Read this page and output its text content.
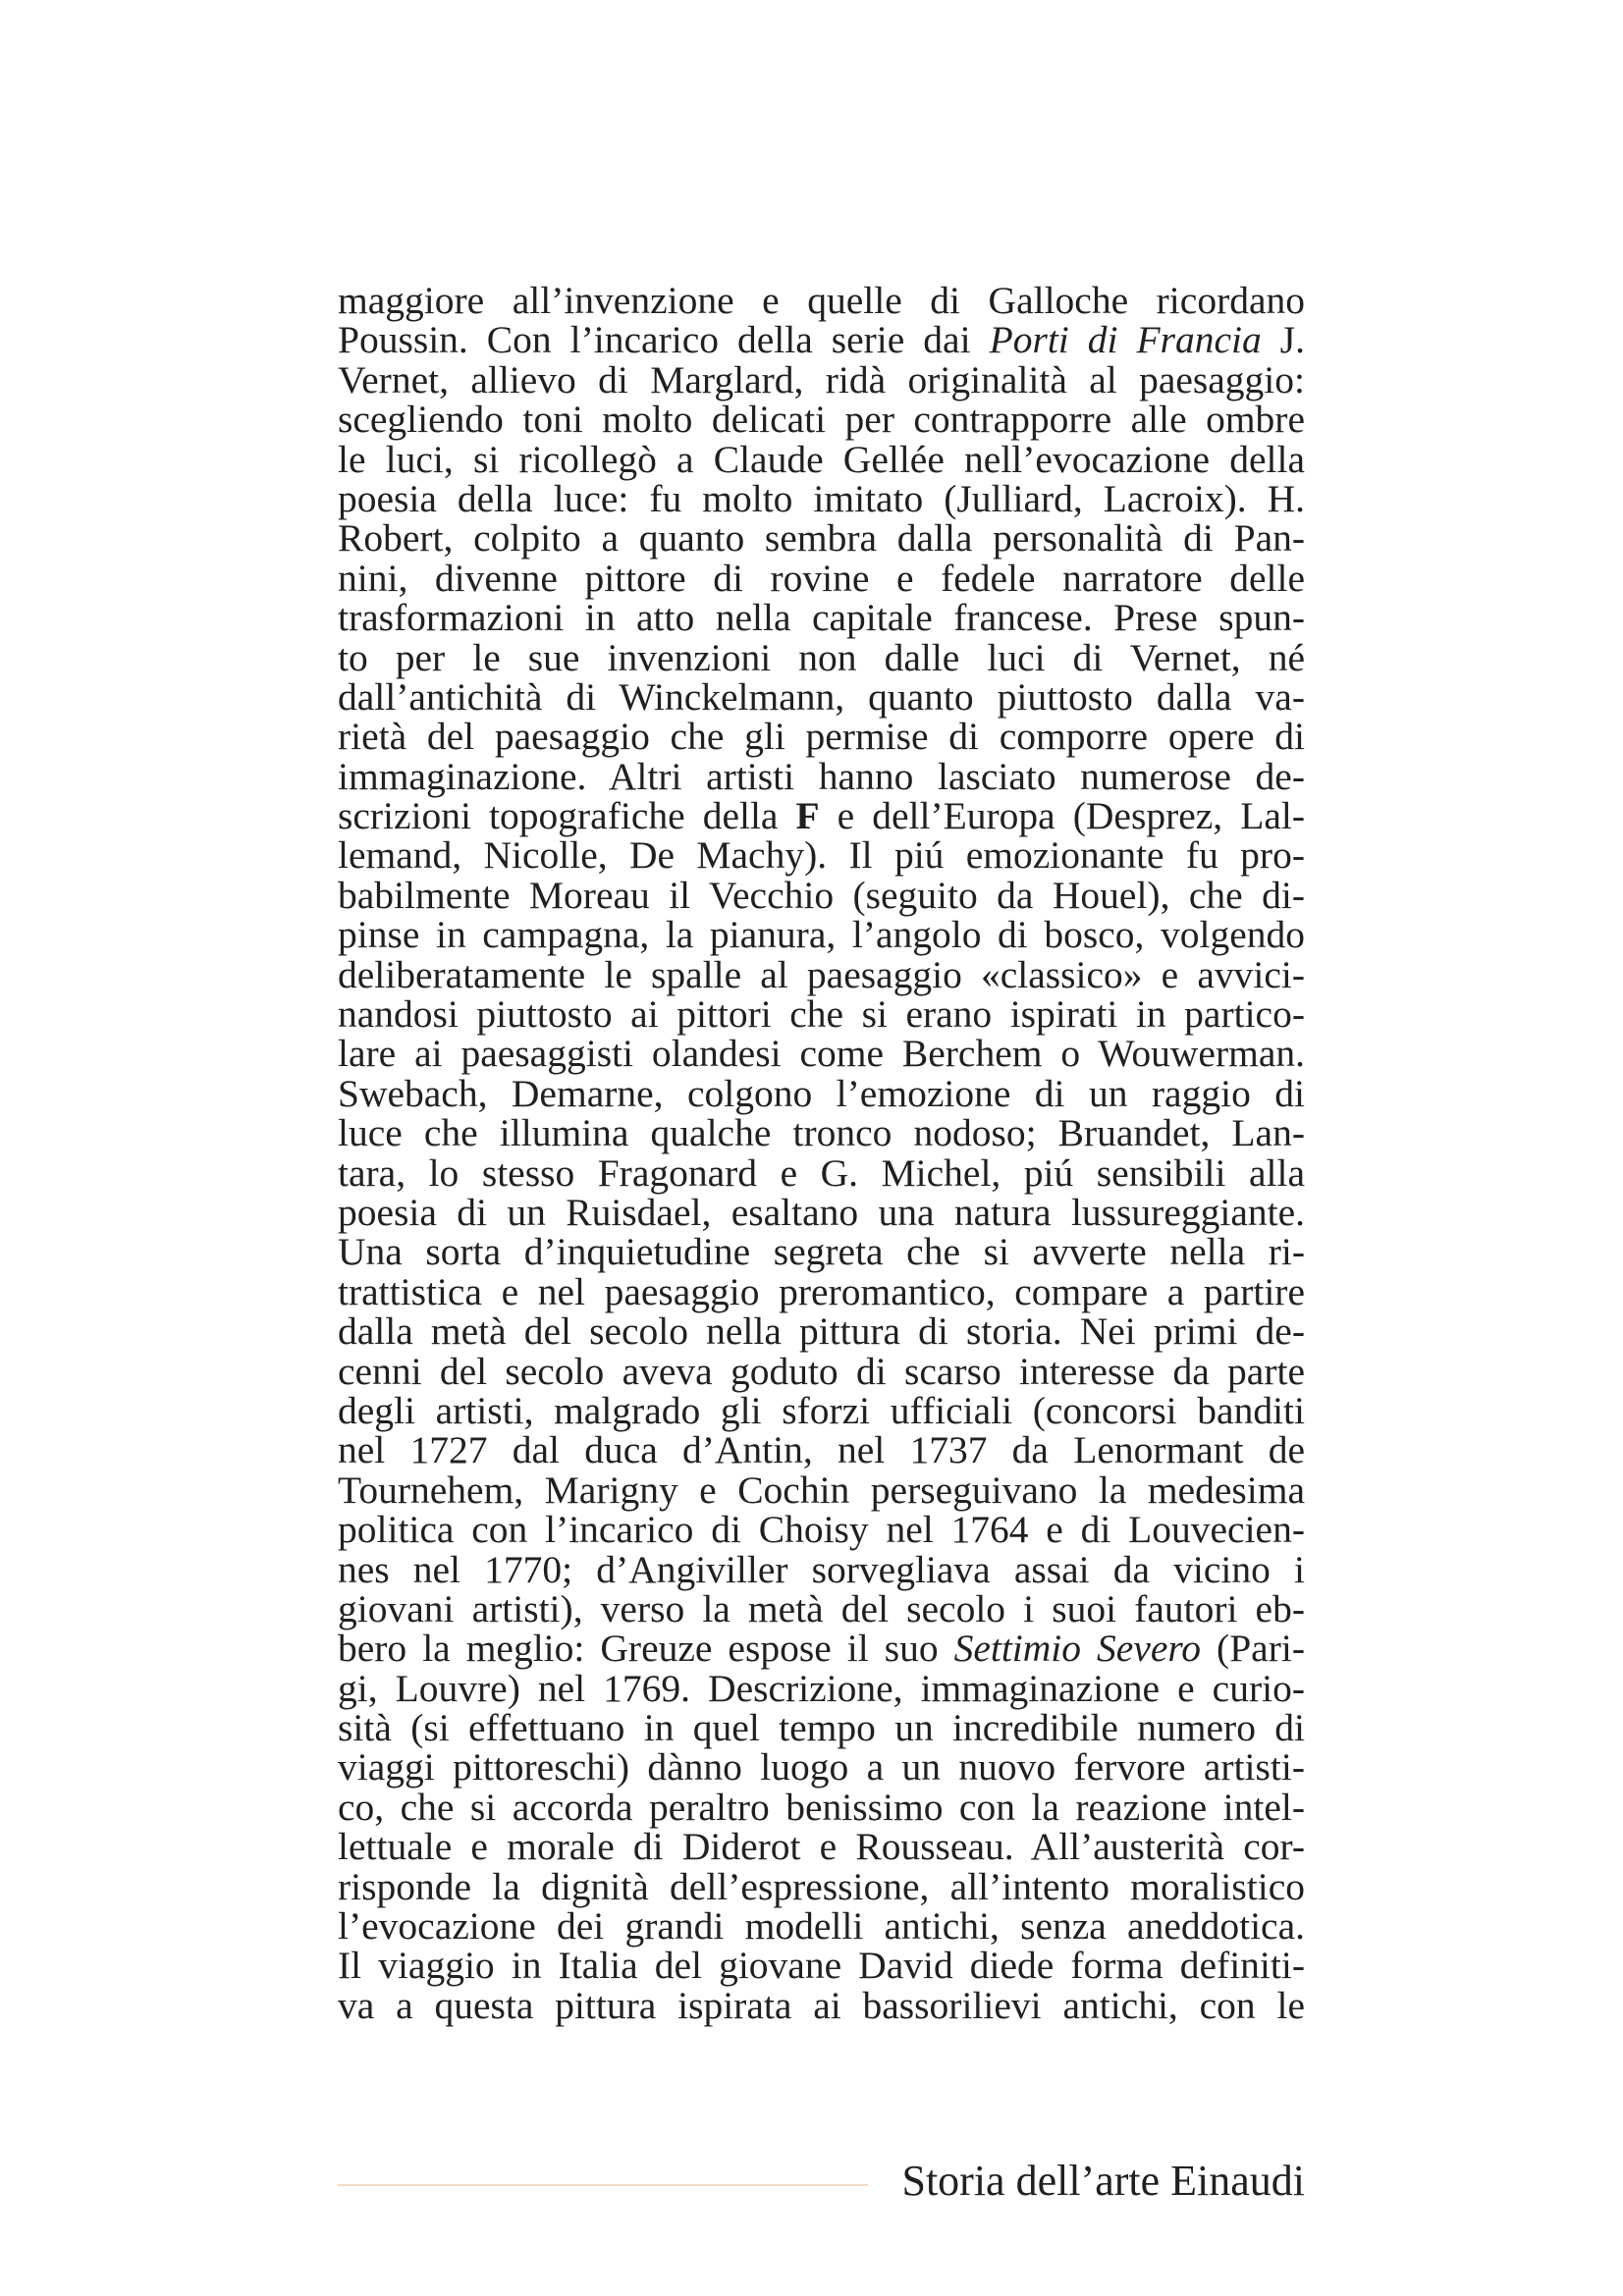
maggiore all’invenzione e quelle di Galloche ricordano
Poussin. Con l’incarico della serie dai Porti di Francia J.
Vernet, allievo di Marglard, ridà originalità al paesaggio:
scegliendo toni molto delicati per contrapporre alle ombre
le luci, si ricollegò a Claude Gellée nell’evocazione della
poesia della luce: fu molto imitato (Julliard, Lacroix). H.
Robert, colpito a quanto sembra dalla personalità di Pan-
nini, divenne pittore di rovine e fedele narratore delle
trasformazioni in atto nella capitale francese. Prese spun-
to per le sue invenzioni non dalle luci di Vernet, né
dall’antichità di Winckelmann, quanto piuttosto dalla va-
rietà del paesaggio che gli permise di comporre opere di
immaginazione. Altri artisti hanno lasciato numerose de-
scrizioni topografiche della F e dell’Europa (Desprez, Lal-
lemand, Nicolle, De Machy). Il piú emozionante fu pro-
babilmente Moreau il Vecchio (seguito da Houel), che di-
pinse in campagna, la pianura, l’angolo di bosco, volgendo
deliberatamente le spalle al paesaggio «classico» e avvici-
nandosi piuttosto ai pittori che si erano ispirati in partico-
lare ai paesaggisti olandesi come Berchem o Wouwerman.
Swebach, Demarne, colgono l’emozione di un raggio di
luce che illumina qualche tronco nodoso; Bruandet, Lan-
tara, lo stesso Fragonard e G. Michel, piú sensibili alla
poesia di un Ruisdael, esaltano una natura lussureggiante.
Una sorta d’inquietudine segreta che si avverte nella ri-
trattistica e nel paesaggio preromantico, compare a partire
dalla metà del secolo nella pittura di storia. Nei primi de-
cenni del secolo aveva goduto di scarso interesse da parte
degli artisti, malgrado gli sforzi ufficiali (concorsi banditi
nel 1727 dal duca d’Antin, nel 1737 da Lenormant de
Tournehem, Marigny e Cochin perseguivano la medesima
politica con l’incarico di Choisy nel 1764 e di Louvecien-
nes nel 1770; d’Angiviller sorvegliava assai da vicino i
giovani artisti), verso la metà del secolo i suoi fautori eb-
bero la meglio: Greuze espose il suo Settimio Severo (Pari-
gi, Louvre) nel 1769. Descrizione, immaginazione e curio-
sità (si effettuano in quel tempo un incredibile numero di
viaggi pittoreschi) dànno luogo a un nuovo fervore artisti-
co, che si accorda peraltro benissimo con la reazione intel-
lettuale e morale di Diderot e Rousseau. All’austerità cor-
risponde la dignità dell’espressione, all’intento moralistico
l’evocazione dei grandi modelli antichi, senza aneddotica.
Il viaggio in Italia del giovane David diede forma definiti-
va a questa pittura ispirata ai bassorilievi antichi, con le
Storia dell’arte Einaudi
